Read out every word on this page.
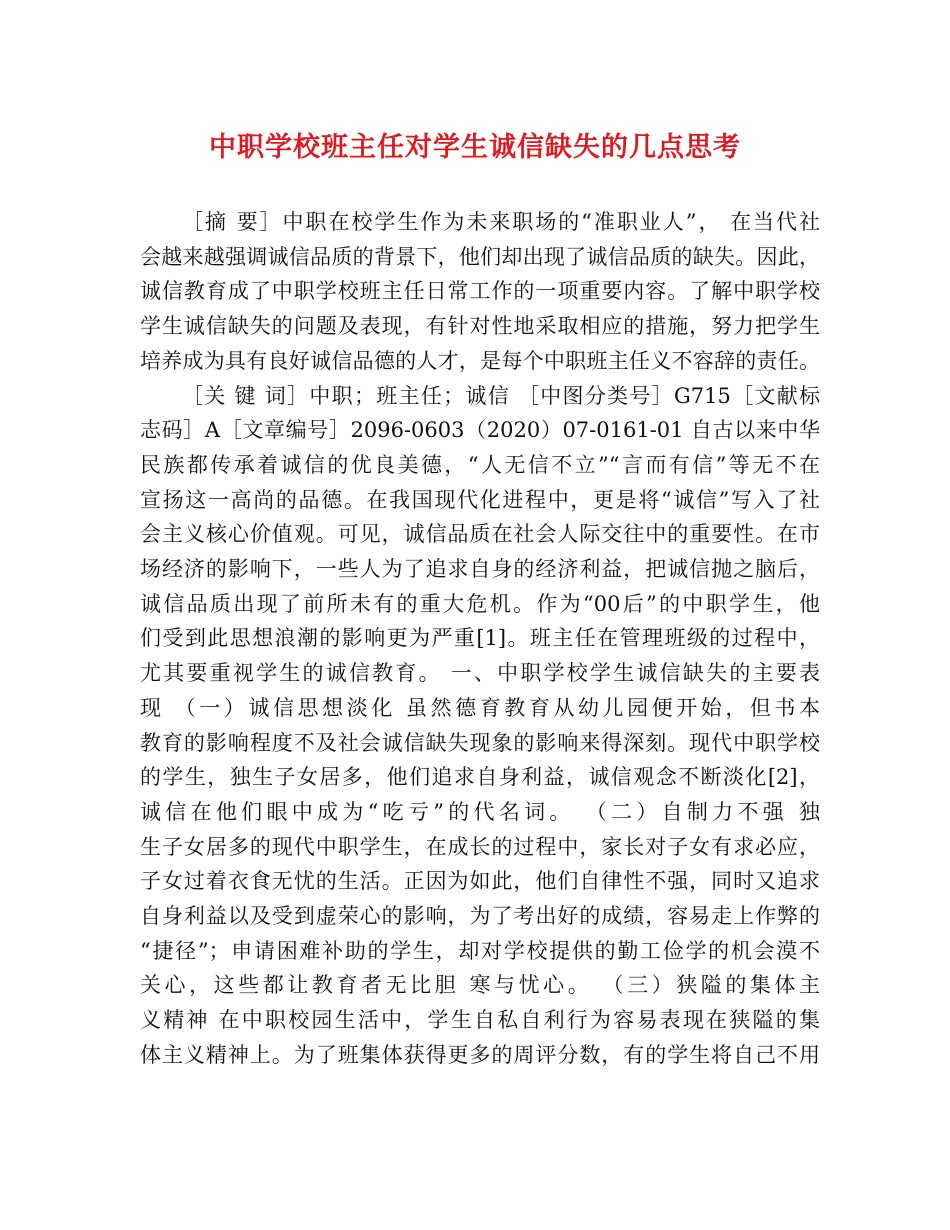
中职学校班主任对学生诚信缺失的几点思考

［摘 要］中职在校学生作为未来职场的“准职业人”， 在当代社

会越来越强调诚信品质的背景下，他们却出现了诚信品质的缺失。因此，

诚信教育成了中职学校班主任日常工作的一项重要内容。了解中职学校

学生诚信缺失的问题及表现，有针对性地采取相应的措施，努力把学生

培养成为具有良好诚信品德的人才，是每个中职班主任义不容辞的责任。

［关 键 词］中职；班主任；诚信 ［中图分类号］G715［文献标

志码］A［文章编号］2096-0603（2020）07-0161-01 自古以来中华

民族都传承着诚信的优良美德，“人无信不立”“言而有信”等无不在

宣扬这一高尚的品德。在我国现代化进程中，更是将“诚信”写入了社

会主义核心价值观。可见，诚信品质在社会人际交往中的重要性。在市

场经济的影响下，一些人为了追求自身的经济利益，把诚信抛之脑后，

诚信品质出现了前所未有的重大危机。作为“00后”的中职学生，他

们受到此思想浪潮的影响更为严重[1]。班主任在管理班级的过程中，

尤其要重视学生的诚信教育。 一、中职学校学生诚信缺失的主要表

现 （一）诚信思想淡化 虽然德育教育从幼儿园便开始，但书本

教育的影响程度不及社会诚信缺失现象的影响来得深刻。现代中职学校

的学生，独生子女居多，他们追求自身利益，诚信观念不断淡化[2]，

诚信在他们眼中成为“吃亏”的代名词。 （二）自制力不强 独

生子女居多的现代中职学生，在成长的过程中，家长对子女有求必应，

子女过着衣食无忧的生活。正因为如此，他们自律性不强，同时又追求

自身利益以及受到虚荣心的影响，为了考出好的成绩，容易走上作弊的

“捷径”；申请困难补助的学生，却对学校提供的勤工俭学的机会漠不

关心，这些都让教育者无比胆 寒与忧心。 （三）狭隘的集体主

义精神 在中职校园生活中，学生自私自利行为容易表现在狭隘的集

体主义精神上。为了班集体获得更多的周评分数，有的学生将自己不用
